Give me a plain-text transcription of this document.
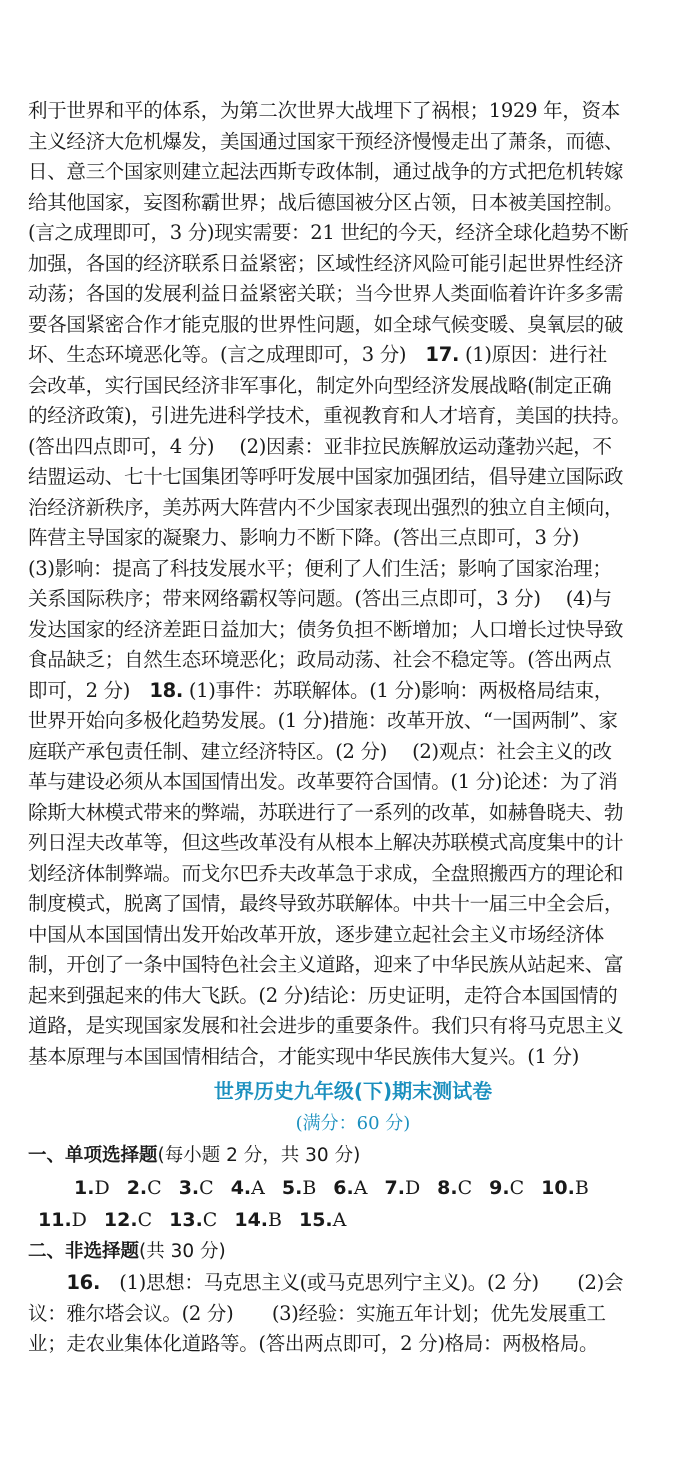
利于世界和平的体系，为第二次世界大战埋下了祸根；1929 年，资本
主义经济大危机爆发，美国通过国家干预经济慢慢走出了萧条，而德、
日、意三个国家则建立起法西斯专政体制，通过战争的方式把危机转嫁
给其他国家，妄图称霸世界；战后德国被分区占领，日本被美国控制。
(言之成理即可，3 分)现实需要：21 世纪的今天，经济全球化趋势不断
加强，各国的经济联系日益紧密；区域性经济风险可能引起世界性经济
动荡；各国的发展利益日益紧密关联；当今世界人类面临着许许多多需
要各国紧密合作才能克服的世界性问题，如全球气候变暖、臭氧层的破
坏、生态环境恶化等。(言之成理即可，3 分)　17. (1)原因：进行社
会改革，实行国民经济非军事化，制定外向型经济发展战略(制定正确
的经济政策)，引进先进科学技术，重视教育和人才培育，美国的扶持。
(答出四点即可，4 分)　 (2)因素：亚非拉民族解放运动蓬勃兴起，不
结盟运动、七十七国集团等呼吁发展中国家加强团结，倡导建立国际政
治经济新秩序，美苏两大阵营内不少国家表现出强烈的独立自主倾向，
阵营主导国家的凝聚力、影响力不断下降。(答出三点即可，3 分)
(3)影响：提高了科技发展水平；便利了人们生活；影响了国家治理；
关系国际秩序；带来网络霸权等问题。(答出三点即可，3 分)　 (4)与
发达国家的经济差距日益加大；债务负担不断增加；人口增长过快导致
食品缺乏；自然生态环境恶化；政局动荡、社会不稳定等。(答出两点
即可，2 分)　18. (1)事件：苏联解体。(1 分)影响：两极格局结束，
世界开始向多极化趋势发展。(1 分)措施：改革开放、“一国两制”、家
庭联产承包责任制、建立经济特区。(2 分)　 (2)观点：社会主义的改
革与建设必须从本国国情出发。改革要符合国情。(1 分)论述：为了消
除斯大林模式带来的弊端，苏联进行了一系列的改革，如赫鲁晓夫、勃
列日涅夫改革等，但这些改革没有从根本上解决苏联模式高度集中的计
划经济体制弊端。而戈尔巴乔夫改革急于求成，全盘照搬西方的理论和
制度模式，脱离了国情，最终导致苏联解体。中共十一届三中全会后，
中国从本国国情出发开始改革开放，逐步建立起社会主义市场经济体
制，开创了一条中国特色社会主义道路，迎来了中华民族从站起来、富
起来到强起来的伟大飞跃。(2 分)结论：历史证明，走符合本国国情的
道路，是实现国家发展和社会进步的重要条件。我们只有将马克思主义
基本原理与本国国情相结合，才能实现中华民族伟大复兴。(1 分)
世界历史九年级(下)期末测试卷
(满分：60 分)
一、单项选择题(每小题 2 分，共 30 分)
1.D 2.C 3.C 4.A 5.B 6.A 7.D 8.C 9.C 10.B
11.D 12.C 13.C 14.B 15.A
二、非选择题(共 30 分)
　　16.　(1)思想：马克思主义(或马克思列宁主义)。(2 分)　　(2)会
议：雅尔塔会议。(2 分)　　(3)经验：实施五年计划；优先发展重工
业；走农业集体化道路等。(答出两点即可，2 分)格局：两极格局。
